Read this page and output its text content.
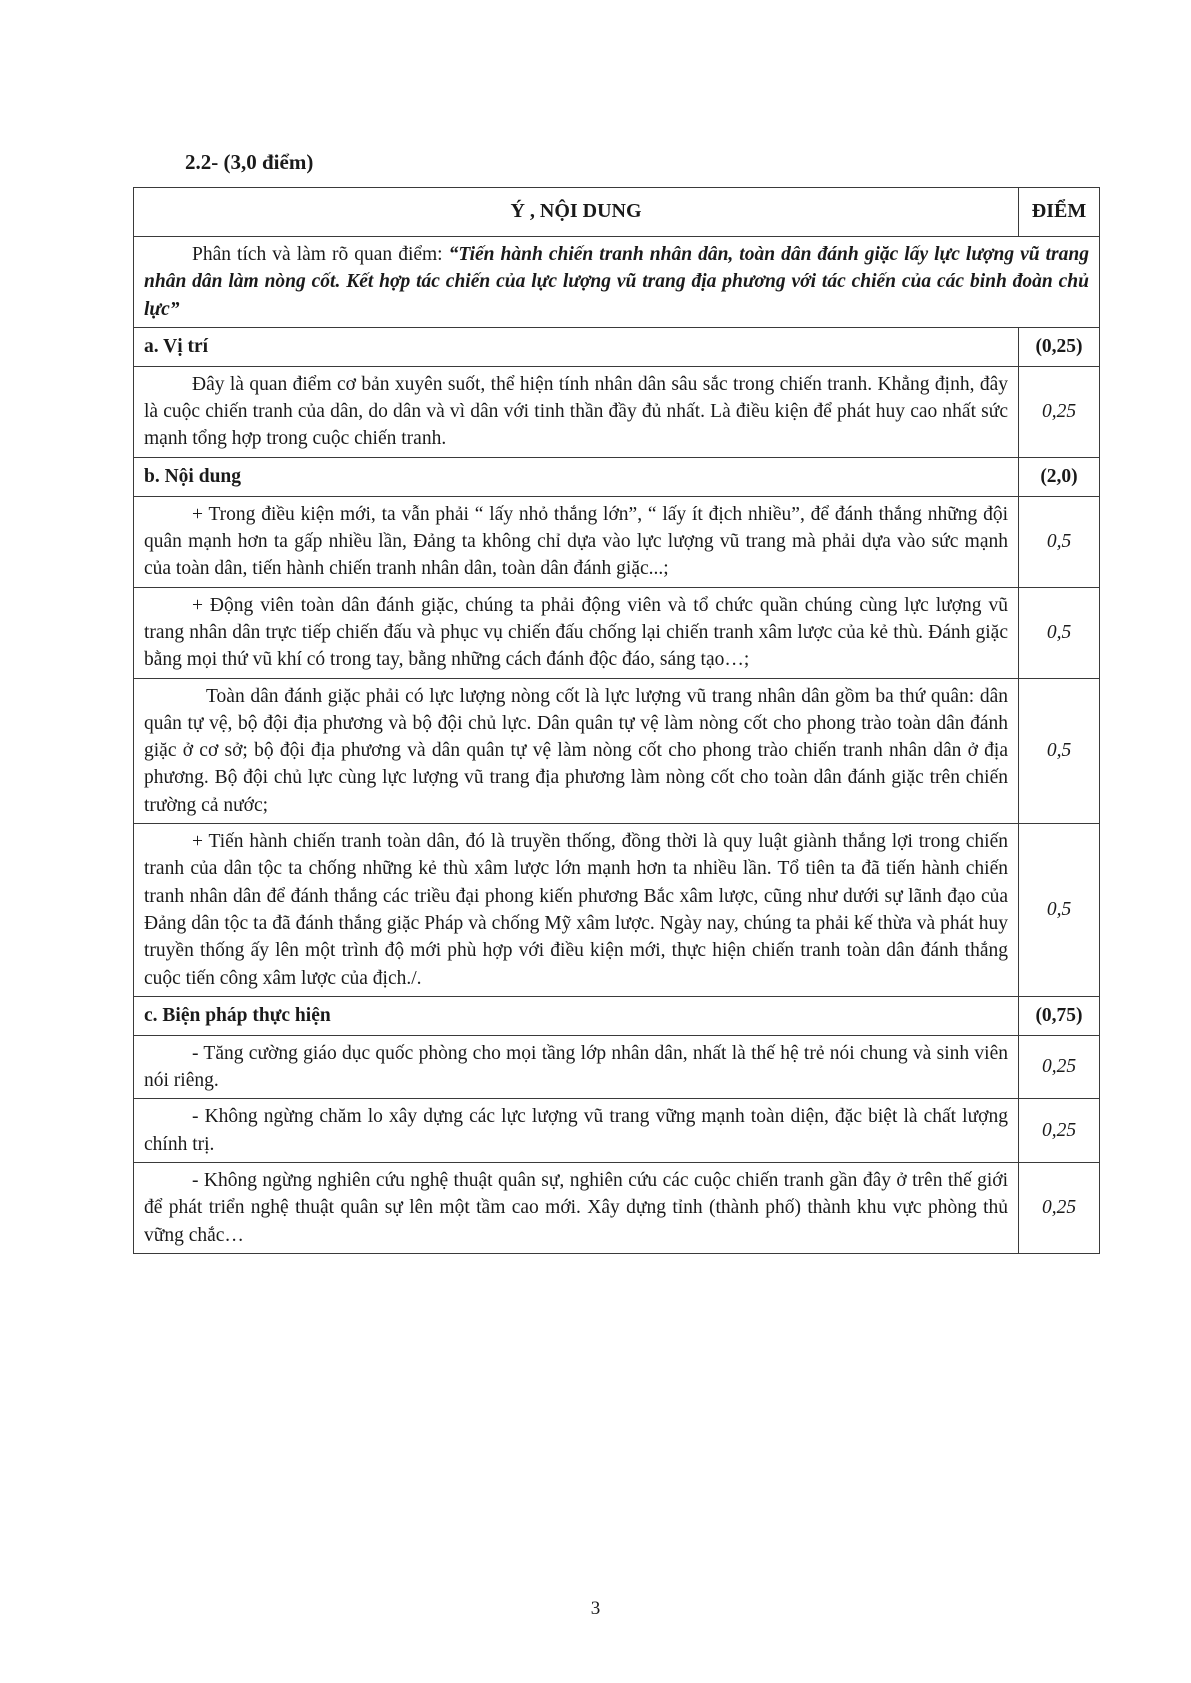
2.2- (3,0 điểm)
Ý , NỘI DUNG	ĐIỂM

Phân tích và làm rõ quan điểm: “Tiến hành chiến tranh nhân dân, toàn dân đánh giặc lấy lực lượng vũ trang nhân dân làm nòng cốt. Kết hợp tác chiến của lực lượng vũ trang địa phương với tác chiến của các binh đoàn chủ lực”	

a. Vị trí	(0,25)

Đây là quan điểm cơ bản xuyên suốt, thể hiện tính nhân dân sâu sắc trong chiến tranh. Khẳng định, đây là cuộc chiến tranh của dân, do dân và vì dân với tinh thần đầy đủ nhất. Là điều kiện để phát huy cao nhất sức mạnh tổng hợp trong cuộc chiến tranh.	0,25
b. Nội dung	(2,0)

+ Trong điều kiện mới, ta vẫn phải “ lấy nhỏ thắng lớn”, “ lấy ít địch nhiều”, để đánh thắng những đội quân mạnh hơn ta gấp nhiều lần, Đảng ta không chỉ dựa vào lực lượng vũ trang mà phải dựa vào sức mạnh của toàn dân, tiến hành chiến tranh nhân dân, toàn dân đánh giặc...;	0,5

+ Động viên toàn dân đánh giặc, chúng ta phải động viên và tổ chức quần chúng cùng lực lượng vũ trang nhân dân trực tiếp chiến đấu và phục vụ chiến đấu chống lại chiến tranh xâm lược của kẻ thù. Đánh giặc bằng mọi thứ vũ khí có trong tay, bằng những cách đánh độc đáo, sáng tạo…;	0,5

Toàn dân đánh giặc phải có lực lượng nòng cốt là lực lượng vũ trang nhân dân gồm ba thứ quân: dân quân tự vệ, bộ đội địa phương và bộ đội chủ lực. Dân quân tự vệ làm nòng cốt cho phong trào toàn dân đánh giặc ở cơ sở; bộ đội địa phương và dân quân tự vệ làm nòng cốt cho phong trào chiến tranh nhân dân ở địa phương. Bộ đội chủ lực cùng lực lượng vũ trang địa phương làm nòng cốt cho toàn dân đánh giặc trên chiến trường cả nước;	0,5

+ Tiến hành chiến tranh toàn dân, đó là truyền thống, đồng thời là quy luật giành thắng lợi trong chiến tranh của dân tộc ta chống những kẻ thù xâm lược lớn mạnh hơn ta nhiều lần. Tổ tiên ta đã tiến hành chiến tranh nhân dân để đánh thắng các triều đại phong kiến phương Bắc xâm lược, cũng như dưới sự lãnh đạo của Đảng dân tộc ta đã đánh thắng giặc Pháp và chống Mỹ xâm lược. Ngày nay, chúng ta phải kế thừa và phát huy truyền thống ấy lên một trình độ mới phù hợp với điều kiện mới, thực hiện chiến tranh toàn dân đánh thắng cuộc tiến công xâm lược của địch./.	0,5
c. Biện pháp thực hiện	(0,75)

- Tăng cường giáo dục quốc phòng cho mọi tầng lớp nhân dân, nhất là thế hệ trẻ nói chung và sinh viên nói riêng.	0,25

- Không ngừng chăm lo xây dựng các lực lượng vũ trang vững mạnh toàn diện, đặc biệt là chất lượng chính trị.	0,25

- Không ngừng nghiên cứu nghệ thuật quân sự, nghiên cứu các cuộc chiến tranh gần đây ở trên thế giới để phát triển nghệ thuật quân sự lên một tầm cao mới. Xây dựng tỉnh (thành phố) thành khu vực phòng thủ vững chắc…	0,25
3
